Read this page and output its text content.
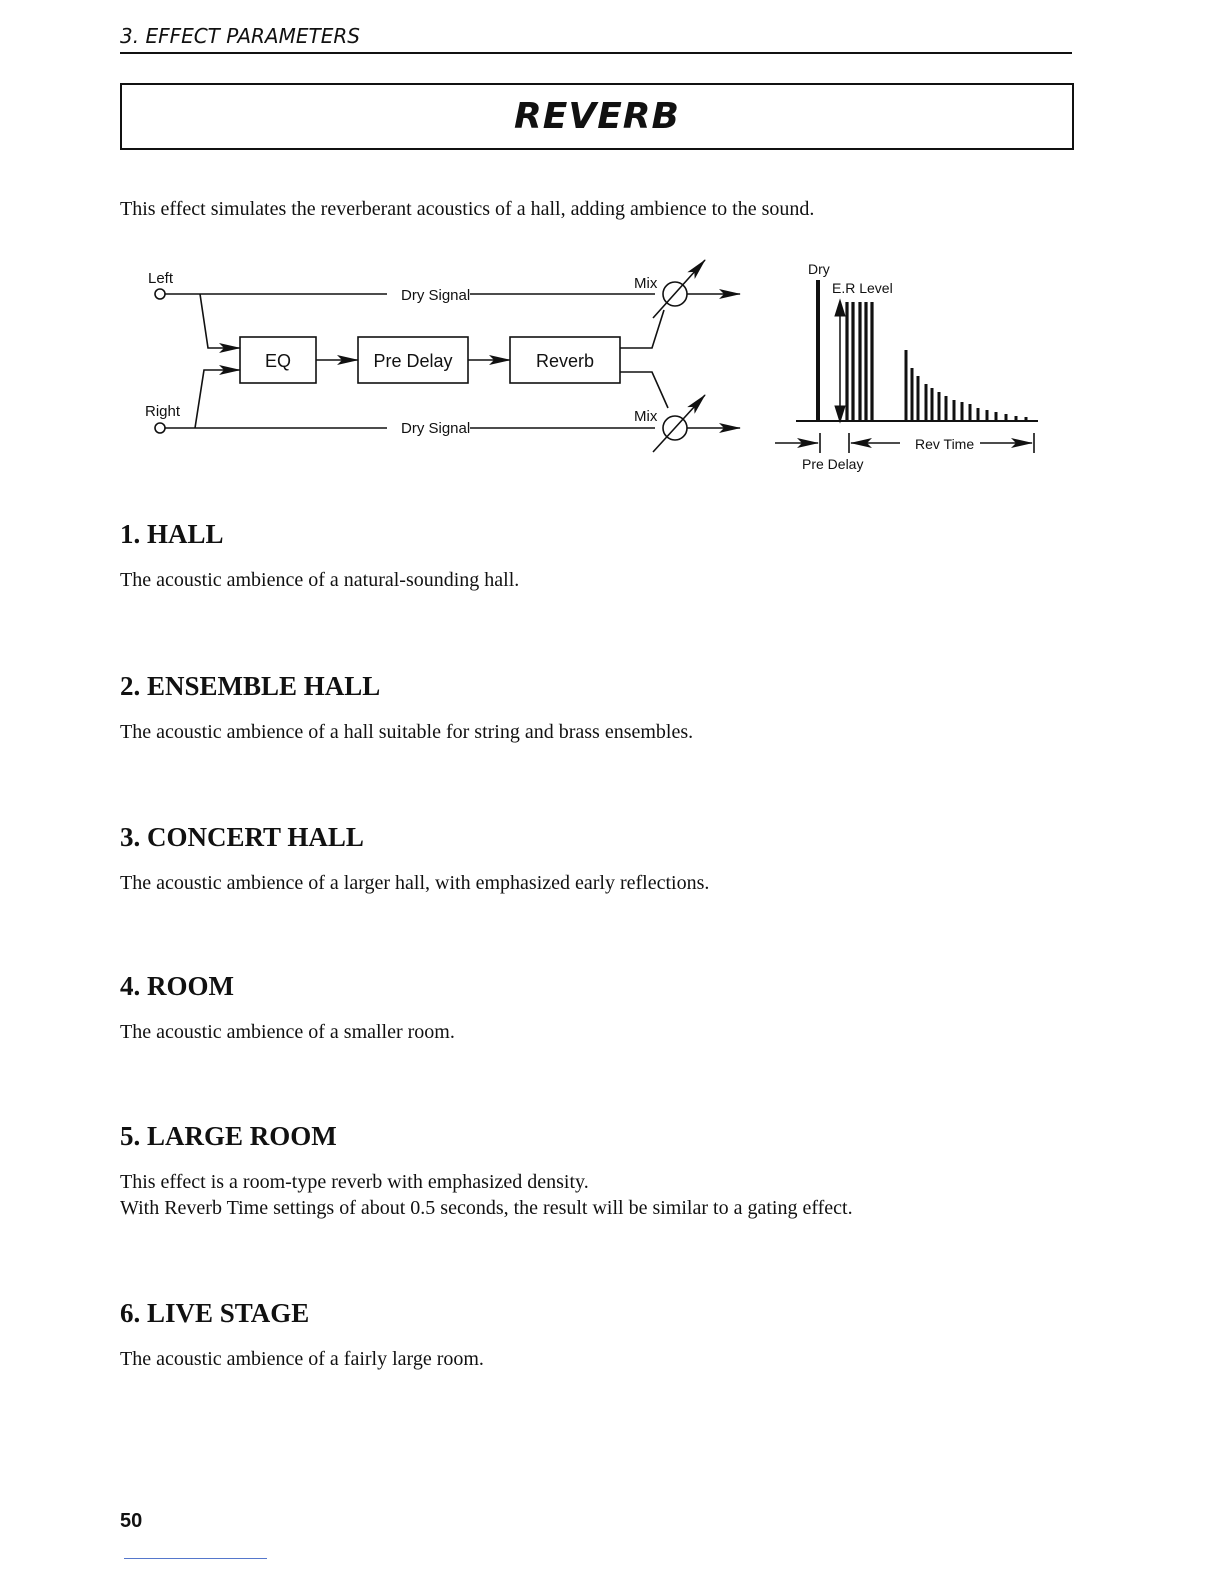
3. EFFECT PARAMETERS
REVERB
This effect simulates the reverberant acoustics of a hall, adding ambience to the sound.
Left
Right
Dry Signal
Dry Signal
Mix
Mix
EQ	Pre Delay	Reverb
Dry
E.R Level
Rev Time
Pre Delay
1. HALL
The acoustic ambience of a natural-sounding hall.
2. ENSEMBLE HALL
The acoustic ambience of a hall suitable for string and brass ensembles.
3. CONCERT HALL
The acoustic ambience of a larger hall, with emphasized early reflections.
4. ROOM
The acoustic ambience of a smaller room.
5. LARGE ROOM
This effect is a room-type reverb with emphasized density.
With Reverb Time settings of about 0.5 seconds, the result will be similar to a gating effect.
6. LIVE STAGE
The acoustic ambience of a fairly large room.
50
